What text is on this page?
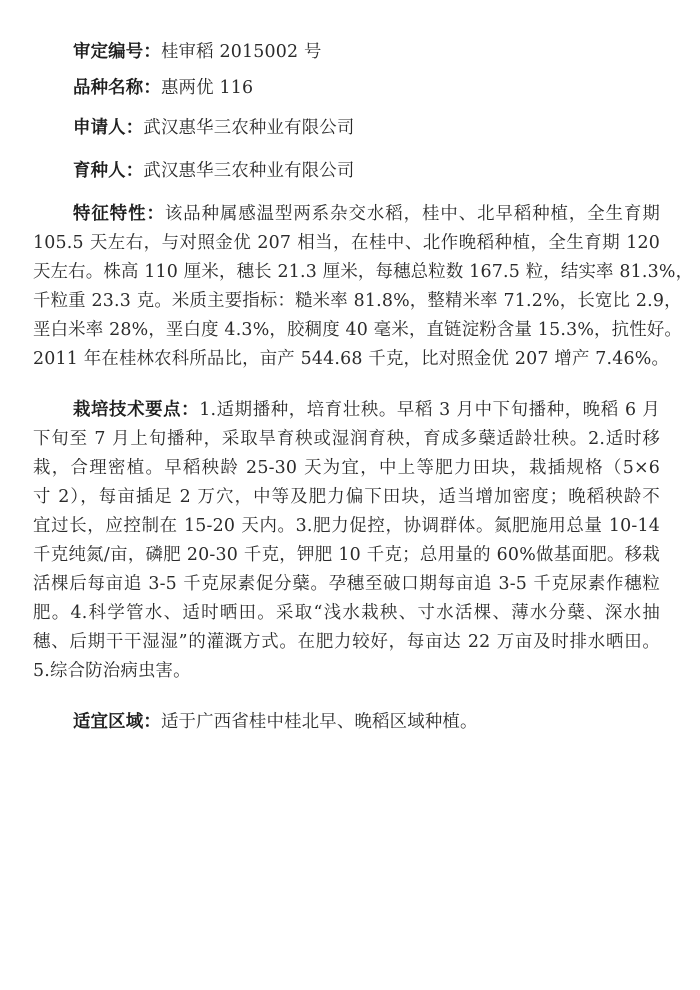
审定编号：桂审稻 2015002 号
品种名称：惠两优 116
申请人：武汉惠华三农种业有限公司
育种人：武汉惠华三农种业有限公司
特征特性：该品种属感温型两系杂交水稻，桂中、北早稻种植，全生育期
105.5 天左右，与对照金优 207 相当，在桂中、北作晚稻种植，全生育期 120
天左右。株高 110 厘米，穗长 21.3 厘米，每穗总粒数 167.5 粒，结实率 81.3%，
千粒重 23.3 克。米质主要指标：糙米率 81.8%，整精米率 71.2%，长宽比 2.9，
垩白米率 28%，垩白度 4.3%，胶稠度 40 毫米，直链淀粉含量 15.3%，抗性好。
2011 年在桂林农科所品比，亩产 544.68 千克，比对照金优 207 增产 7.46%。
栽培技术要点：1.适期播种，培育壮秧。早稻 3 月中下旬播种，晚稻 6 月
下旬至 7 月上旬播种，采取旱育秧或湿润育秧，育成多蘖适龄壮秧。2.适时移
栽，合理密植。早稻秧龄 25-30 天为宜，中上等肥力田块，栽插规格（5×6
寸 2），每亩插足 2 万穴，中等及肥力偏下田块，适当增加密度；晚稻秧龄不
宜过长，应控制在 15-20 天内。3.肥力促控，协调群体。氮肥施用总量 10-14
千克纯氮/亩，磷肥 20-30 千克，钾肥 10 千克；总用量的 60%做基面肥。移栽
活棵后每亩追 3-5 千克尿素促分蘖。孕穗至破口期每亩追 3-5 千克尿素作穗粒
肥。4.科学管水、适时晒田。采取“浅水栽秧、寸水活棵、薄水分蘖、深水抽
穗、后期干干湿湿”的灌溉方式。在肥力较好，每亩达 22 万亩及时排水晒田。
5.综合防治病虫害。
适宜区域：适于广西省桂中桂北早、晚稻区域种植。
